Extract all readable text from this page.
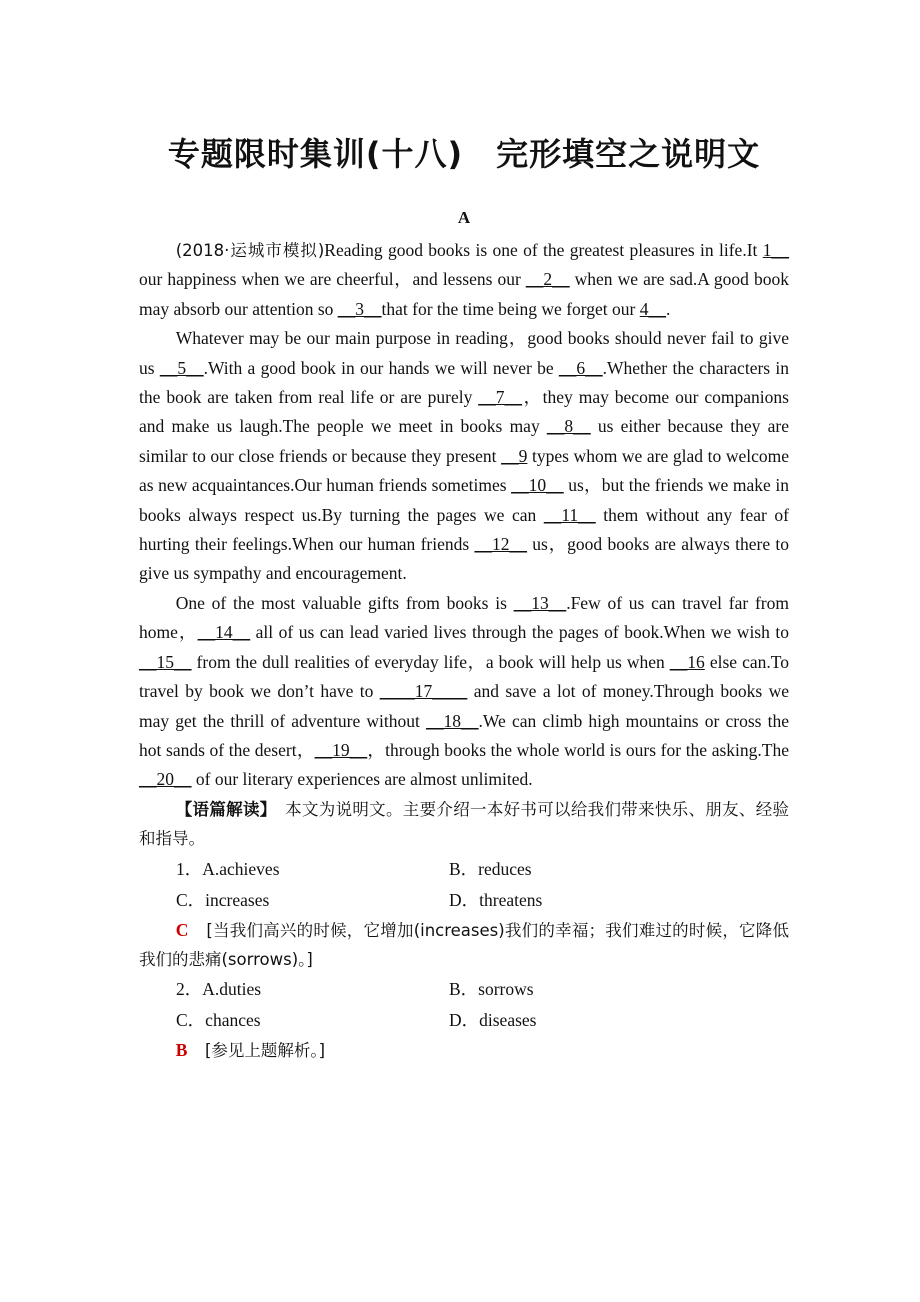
专题限时集训(十八)　完形填空之说明文
A

(2018·运城市模拟)Reading good books is one of the greatest pleasures in life.It 1__ our happiness when we are cheerful，and lessens our __2__ when we are sad.A good book may absorb our attention so __3__that for the time being we forget our 4__.

Whatever may be our main purpose in reading，good books should never fail to give us __5__.With a good book in our hands we will never be __6__.Whether the characters in the book are taken from real life or are purely __7__，they may become our companions and make us laugh.The people we meet in books may __8__ us either because they are similar to our close friends or because they present __9 types whom we are glad to welcome as new acquaintances.Our human friends sometimes __10__ us，but the friends we make in books always respect us.By turning the pages we can __11__ them without any fear of hurting their feelings.When our human friends __12__ us，good books are always there to give us sympathy and encouragement.

One of the most valuable gifts from books is __13__.Few of us can travel far from home，__14__ all of us can lead varied lives through the pages of book.When we wish to __15__ from the dull realities of everyday life，a book will help us when __16 else can.To travel by book we don’t have to ____17____ and save a lot of money.Through books we may get the thrill of adventure without __18__.We can climb high mountains or cross the hot sands of the desert，__19__，through books the whole world is ours for the asking.The __20__ of our literary experiences are almost unlimited.

【语篇解读】　本文为说明文。主要介绍一本好书可以给我们带来快乐、朋友、经验和指导。

1．A.achieves	B．reduces
C．increases	D．threatens

C　 [当我们高兴的时候，它增加(increases)我们的幸福；我们难过的时候，它降低我们的悲痛(sorrows)。]

2．A.duties	B．sorrows
C．chances	D．diseases

B　 [参见上题解析。]
